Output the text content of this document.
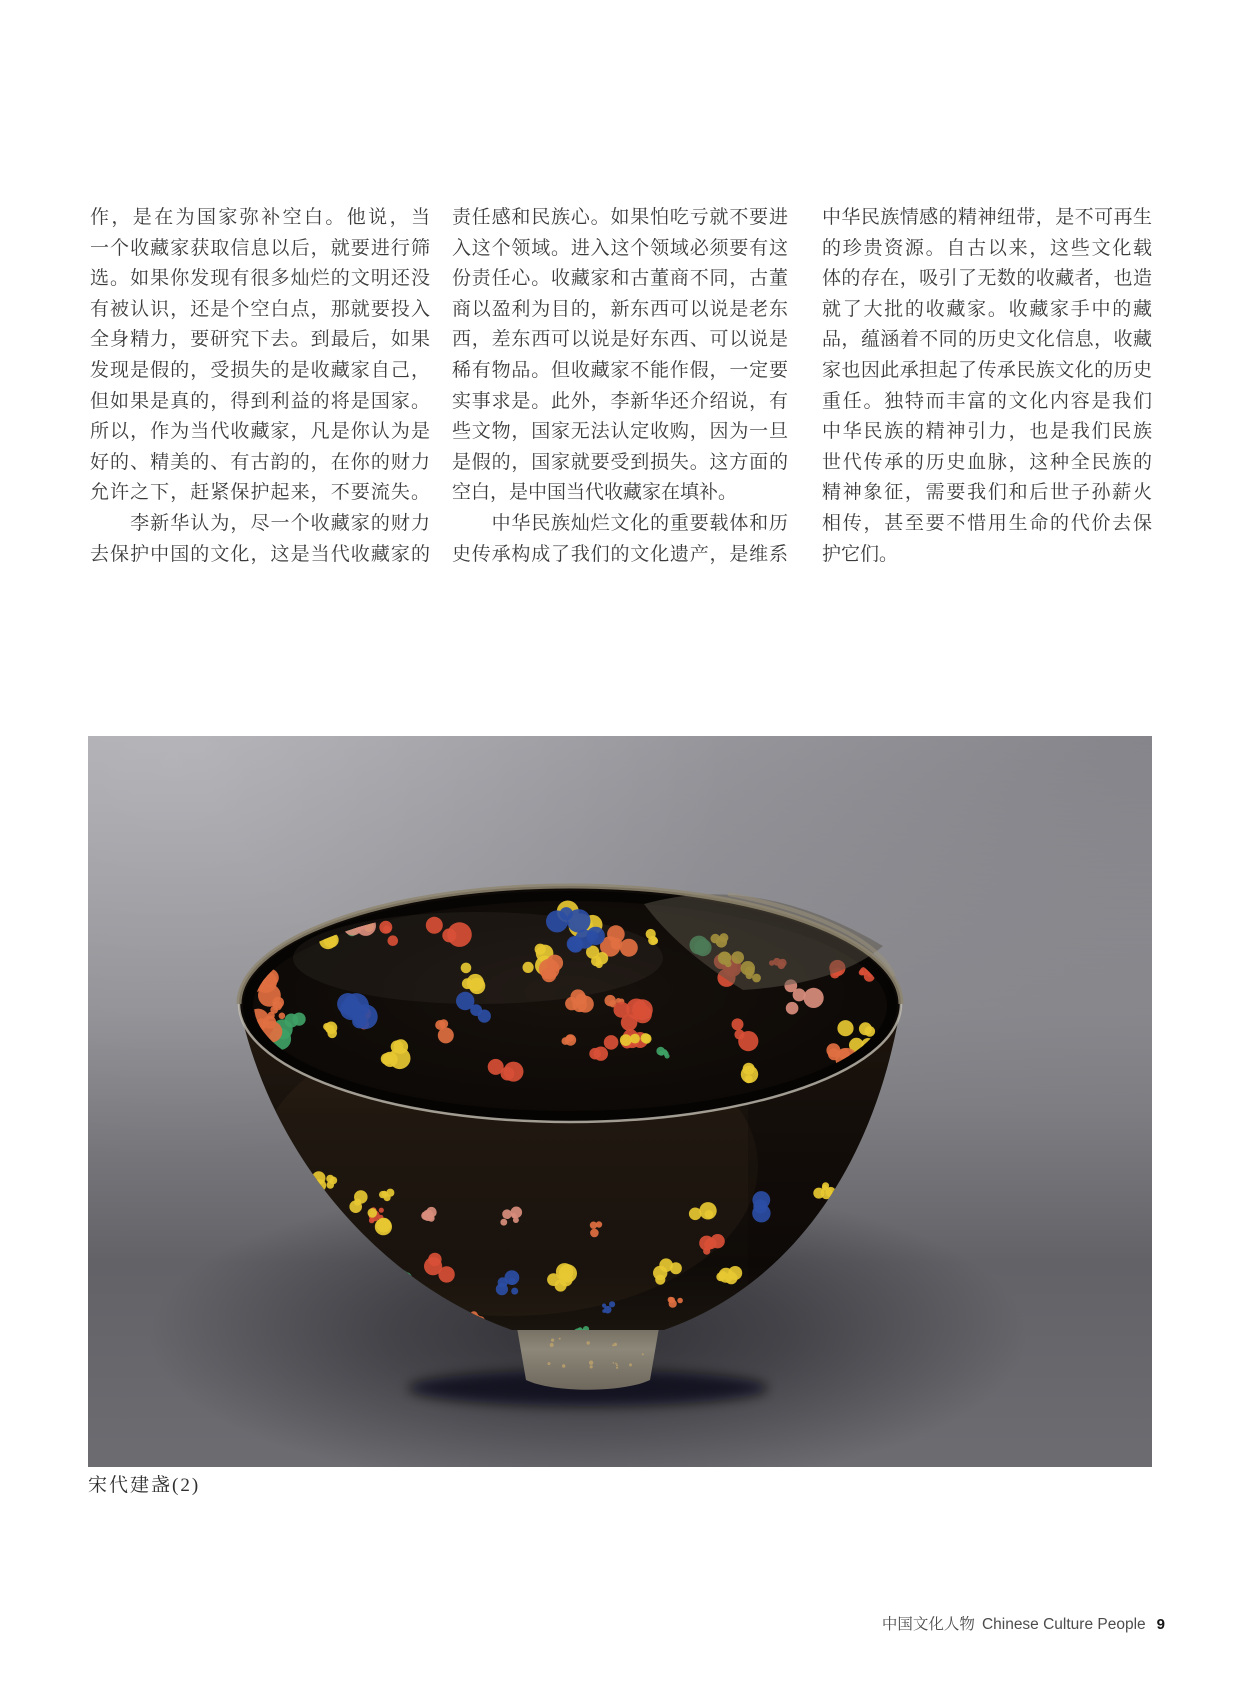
作，是在为国家弥补空白。他说，当
一个收藏家获取信息以后，就要进行筛
选。如果你发现有很多灿烂的文明还没
有被认识，还是个空白点，那就要投入
全身精力，要研究下去。到最后，如果
发现是假的，受损失的是收藏家自己，
但如果是真的，得到利益的将是国家。
所以，作为当代收藏家，凡是你认为是
好的、精美的、有古韵的，在你的财力
允许之下，赶紧保护起来，不要流失。
　　李新华认为，尽一个收藏家的财力
去保护中国的文化，这是当代收藏家的
责任感和民族心。如果怕吃亏就不要进
入这个领域。进入这个领域必须要有这
份责任心。收藏家和古董商不同，古董
商以盈利为目的，新东西可以说是老东
西，差东西可以说是好东西、可以说是
稀有物品。但收藏家不能作假，一定要
实事求是。此外，李新华还介绍说，有
些文物，国家无法认定收购，因为一旦
是假的，国家就要受到损失。这方面的
空白，是中国当代收藏家在填补。
　　中华民族灿烂文化的重要载体和历
史传承构成了我们的文化遗产，是维系
中华民族情感的精神纽带，是不可再生
的珍贵资源。自古以来，这些文化载
体的存在，吸引了无数的收藏者，也造
就了大批的收藏家。收藏家手中的藏
品，蕴涵着不同的历史文化信息，收藏
家也因此承担起了传承民族文化的历史
重任。独特而丰富的文化内容是我们
中华民族的精神引力，也是我们民族
世代传承的历史血脉，这种全民族的
精神象征，需要我们和后世子孙薪火
相传，甚至要不惜用生命的代价去保
护它们。
宋代建盏(2)
中国文化人物 Chinese Culture People 9
